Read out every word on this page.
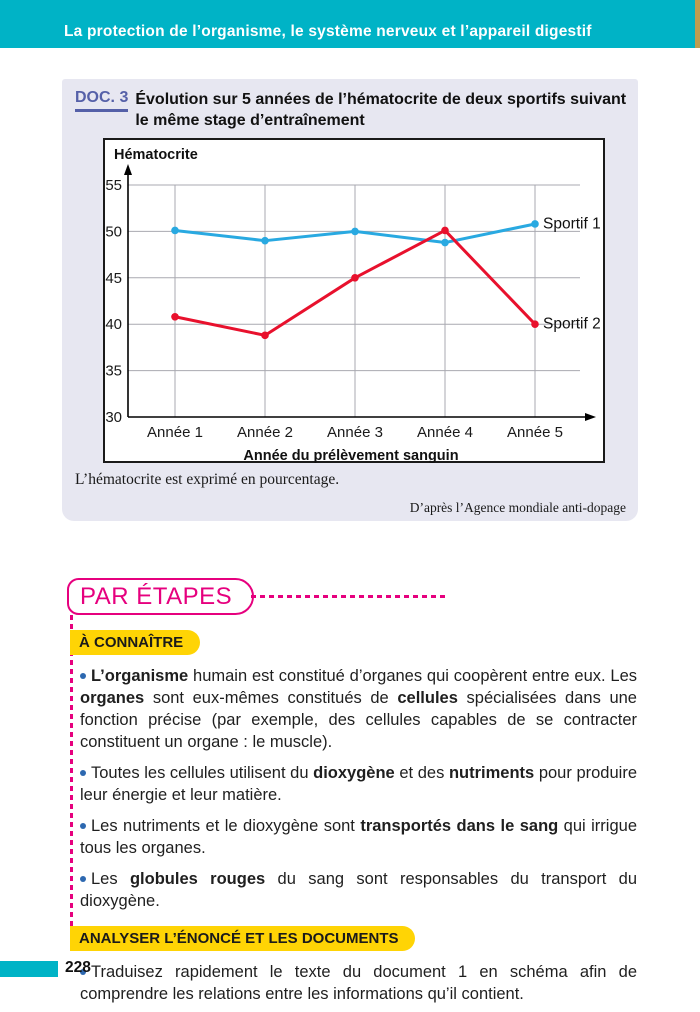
La protection de l’organisme, le système nerveux et l’appareil digestif
DOC. 3 Évolution sur 5 années de l’hématocrite de deux sportifs suivant
le même stage d’entraînement
55
50
45
40
35
30
Année 1 Année 2 Année 3 Année 4 Année 5
Sportif 1
Sportif 2
Hématocrite
Année du prélèvement sanguin

L’hématocrite est exprimé en pourcentage.

D’après l’Agence mondiale anti-dopage

PAR ÉTAPES
À CONNAÎTRE

L’organisme humain est constitué d’organes qui coopèrent entre eux. Les organes sont eux-mêmes constitués de cellules spécialisées dans une fonction précise (par exemple, des cellules capables de se contracter constituent un organe : le muscle).

Toutes les cellules utilisent du dioxygène et des nutriments pour produire leur énergie et leur matière.

Les nutriments et le dioxygène sont transportés dans le sang qui irrigue tous les organes.

Les globules rouges du sang sont responsables du transport du dioxygène.

ANALYSER L’ÉNONCÉ ET LES DOCUMENTS

Traduisez rapidement le texte du document 1 en schéma afin de comprendre les relations entre les informations qu’il contient.

228
